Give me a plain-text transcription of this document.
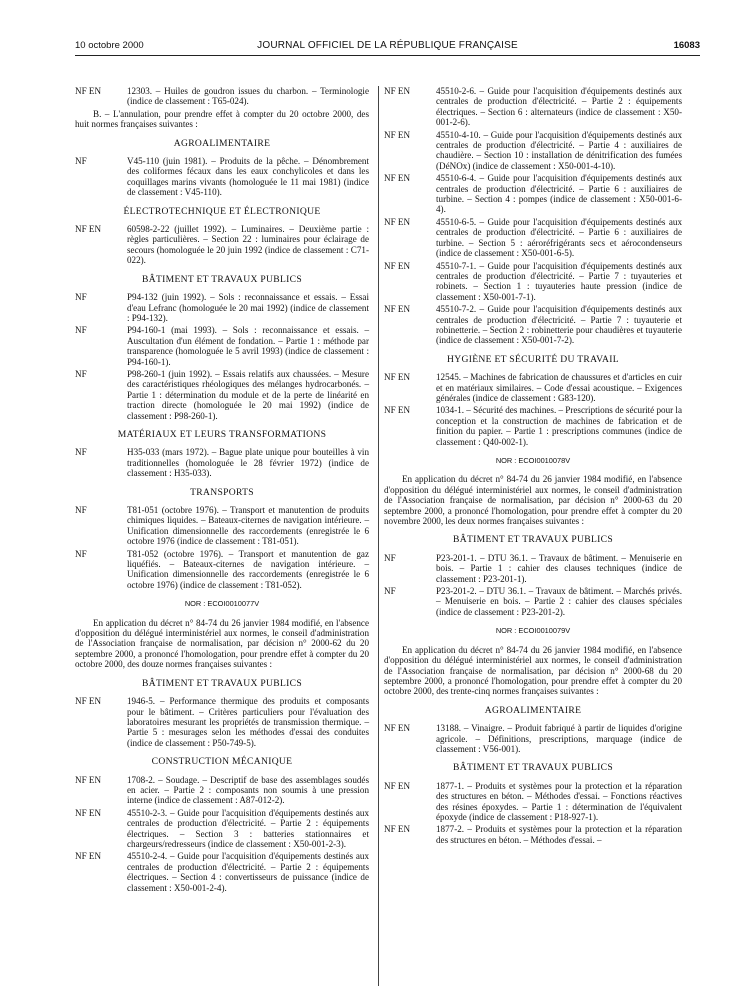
10 octobre 2000	JOURNAL OFFICIEL DE LA RÉPUBLIQUE FRANÇAISE	16083
NF EN	12303. – Huiles de goudron issues du charbon. – Terminologie (indice de classement : T65-024).

B. – L'annulation, pour prendre effet à compter du 20 octobre 2000, des huit normes françaises suivantes :

AGROALIMENTAIRE
NF	V45-110 (juin 1981). – Produits de la pêche. – Dénombrement des coliformes fécaux dans les eaux conchylicoles et dans les coquillages marins vivants (homologuée le 11 mai 1981) (indice de classement : V45-110).
ÉLECTROTECHNIQUE ET ÉLECTRONIQUE
NF EN	60598-2-22 (juillet 1992). – Luminaires. – Deuxième partie : règles particulières. – Section 22 : luminaires pour éclairage de secours (homologuée le 20 juin 1992 (indice de classement : C71-022).
BÂTIMENT ET TRAVAUX PUBLICS
NF	P94-132 (juin 1992). – Sols : reconnaissance et essais. – Essai d'eau Lefranc (homologuée le 20 mai 1992) (indice de classement : P94-132).
NF	P94-160-1 (mai 1993). – Sols : reconnaissance et essais. – Auscultation d'un élément de fondation. – Partie 1 : méthode par transparence (homologuée le 5 avril 1993) (indice de classement : P94-160-1).
NF	P98-260-1 (juin 1992). – Essais relatifs aux chaussées. – Mesure des caractéristiques rhéologiques des mélanges hydrocarbonés. – Partie 1 : détermination du module et de la perte de linéarité en traction directe (homologuée le 20 mai 1992) (indice de classement : P98-260-1).
MATÉRIAUX ET LEURS TRANSFORMATIONS
NF	H35-033 (mars 1972). – Bague plate unique pour bouteilles à vin traditionnelles (homologuée le 28 février 1972) (indice de classement : H35-033).
TRANSPORTS
NF	T81-051 (octobre 1976). – Transport et manutention de produits chimiques liquides. – Bateaux-citernes de navigation intérieure. – Unification dimensionnelle des raccordements (enregistrée le 6 octobre 1976 (indice de classement : T81-051).
NF	T81-052 (octobre 1976). – Transport et manutention de gaz liquéfiés. – Bateaux-citernes de navigation intérieure. – Unification dimensionnelle des raccordements (enregistrée le 6 octobre 1976) (indice de classement : T81-052).
NOR : ECOI0010077V

En application du décret n° 84-74 du 26 janvier 1984 modifié, en l'absence d'opposition du délégué interministériel aux normes, le conseil d'administration de l'Association française de normalisation, par décision n° 2000-62 du 20 septembre 2000, a prononcé l'homologation, pour prendre effet à compter du 20 octobre 2000, des douze normes françaises suivantes :

BÂTIMENT ET TRAVAUX PUBLICS
NF EN	1946-5. – Performance thermique des produits et composants pour le bâtiment. – Critères particuliers pour l'évaluation des laboratoires mesurant les propriétés de transmission thermique. – Partie 5 : mesurages selon les méthodes d'essai des conduites (indice de classement : P50-749-5).
CONSTRUCTION MÉCANIQUE
NF EN	1708-2. – Soudage. – Descriptif de base des assemblages soudés en acier. – Partie 2 : composants non soumis à une pression interne (indice de classement : A87-012-2).
NF EN	45510-2-3. – Guide pour l'acquisition d'équipements destinés aux centrales de production d'électricité. – Partie 2 : équipements électriques. – Section 3 : batteries stationnaires et chargeurs/redresseurs (indice de classement : X50-001-2-3).
NF EN	45510-2-4. – Guide pour l'acquisition d'équipements destinés aux centrales de production d'électricité. – Partie 2 : équipements électriques. – Section 4 : convertisseurs de puissance (indice de classement : X50-001-2-4).
NF EN	45510-2-6. – Guide pour l'acquisition d'équipements destinés aux centrales de production d'électricité. – Partie 2 : équipements électriques. – Section 6 : alternateurs (indice de classement : X50-001-2-6).
NF EN	45510-4-10. – Guide pour l'acquisition d'équipements destinés aux centrales de production d'électricité. – Partie 4 : auxiliaires de chaudière. – Section 10 : installation de dénitrification des fumées (DéNOx) (indice de classement : X50-001-4-10).
NF EN	45510-6-4. – Guide pour l'acquisition d'équipements destinés aux centrales de production d'électricité. – Partie 6 : auxiliaires de turbine. – Section 4 : pompes (indice de classement : X50-001-6-4).
NF EN	45510-6-5. – Guide pour l'acquisition d'équipements destinés aux centrales de production d'électricité. – Partie 6 : auxiliaires de turbine. – Section 5 : aéroréfrigérants secs et aérocondenseurs (indice de classement : X50-001-6-5).
NF EN	45510-7-1. – Guide pour l'acquisition d'équipements destinés aux centrales de production d'électricité. – Partie 7 : tuyauteries et robinets. – Section 1 : tuyauteries haute pression (indice de classement : X50-001-7-1).
NF EN	45510-7-2. – Guide pour l'acquisition d'équipements destinés aux centrales de production d'électricité. – Partie 7 : tuyauterie et robinetterie. – Section 2 : robinetterie pour chaudières et tuyauterie (indice de classement : X50-001-7-2).
HYGIÈNE ET SÉCURITÉ DU TRAVAIL
NF EN	12545. – Machines de fabrication de chaussures et d'articles en cuir et en matériaux similaires. – Code d'essai acoustique. – Exigences générales (indice de classement : G83-120).
NF EN	1034-1. – Sécurité des machines. – Prescriptions de sécurité pour la conception et la construction de machines de fabrication et de finition du papier. – Partie 1 : prescriptions communes (indice de classement : Q40-002-1).
NOR : ECOI0010078V

En application du décret n° 84-74 du 26 janvier 1984 modifié, en l'absence d'opposition du délégué interministériel aux normes, le conseil d'administration de l'Association française de normalisation, par décision n° 2000-63 du 20 septembre 2000, a prononcé l'homologation, pour prendre effet à compter du 20 novembre 2000, les deux normes françaises suivantes :

BÂTIMENT ET TRAVAUX PUBLICS
NF	P23-201-1. – DTU 36.1. – Travaux de bâtiment. – Menuiserie en bois. – Partie 1 : cahier des clauses techniques (indice de classement : P23-201-1).
NF	P23-201-2. – DTU 36.1. – Travaux de bâtiment. – Marchés privés. – Menuiserie en bois. – Partie 2 : cahier des clauses spéciales (indice de classement : P23-201-2).
NOR : ECOI0010079V

En application du décret n° 84-74 du 26 janvier 1984 modifié, en l'absence d'opposition du délégué interministériel aux normes, le conseil d'administration de l'Association française de normalisation, par décision n° 2000-68 du 20 septembre 2000, a prononcé l'homologation, pour prendre effet à compter du 20 octobre 2000, des trente-cinq normes françaises suivantes :

AGROALIMENTAIRE
NF EN	13188. – Vinaigre. – Produit fabriqué à partir de liquides d'origine agricole. – Définitions, prescriptions, marquage (indice de classement : V56-001).
BÂTIMENT ET TRAVAUX PUBLICS
NF EN	1877-1. – Produits et systèmes pour la protection et la réparation des structures en béton. – Méthodes d'essai. – Fonctions réactives des résines époxydes. – Partie 1 : détermination de l'équivalent époxyde (indice de classement : P18-927-1).
NF EN	1877-2. – Produits et systèmes pour la protection et la réparation des structures en béton. – Méthodes d'essai. –
